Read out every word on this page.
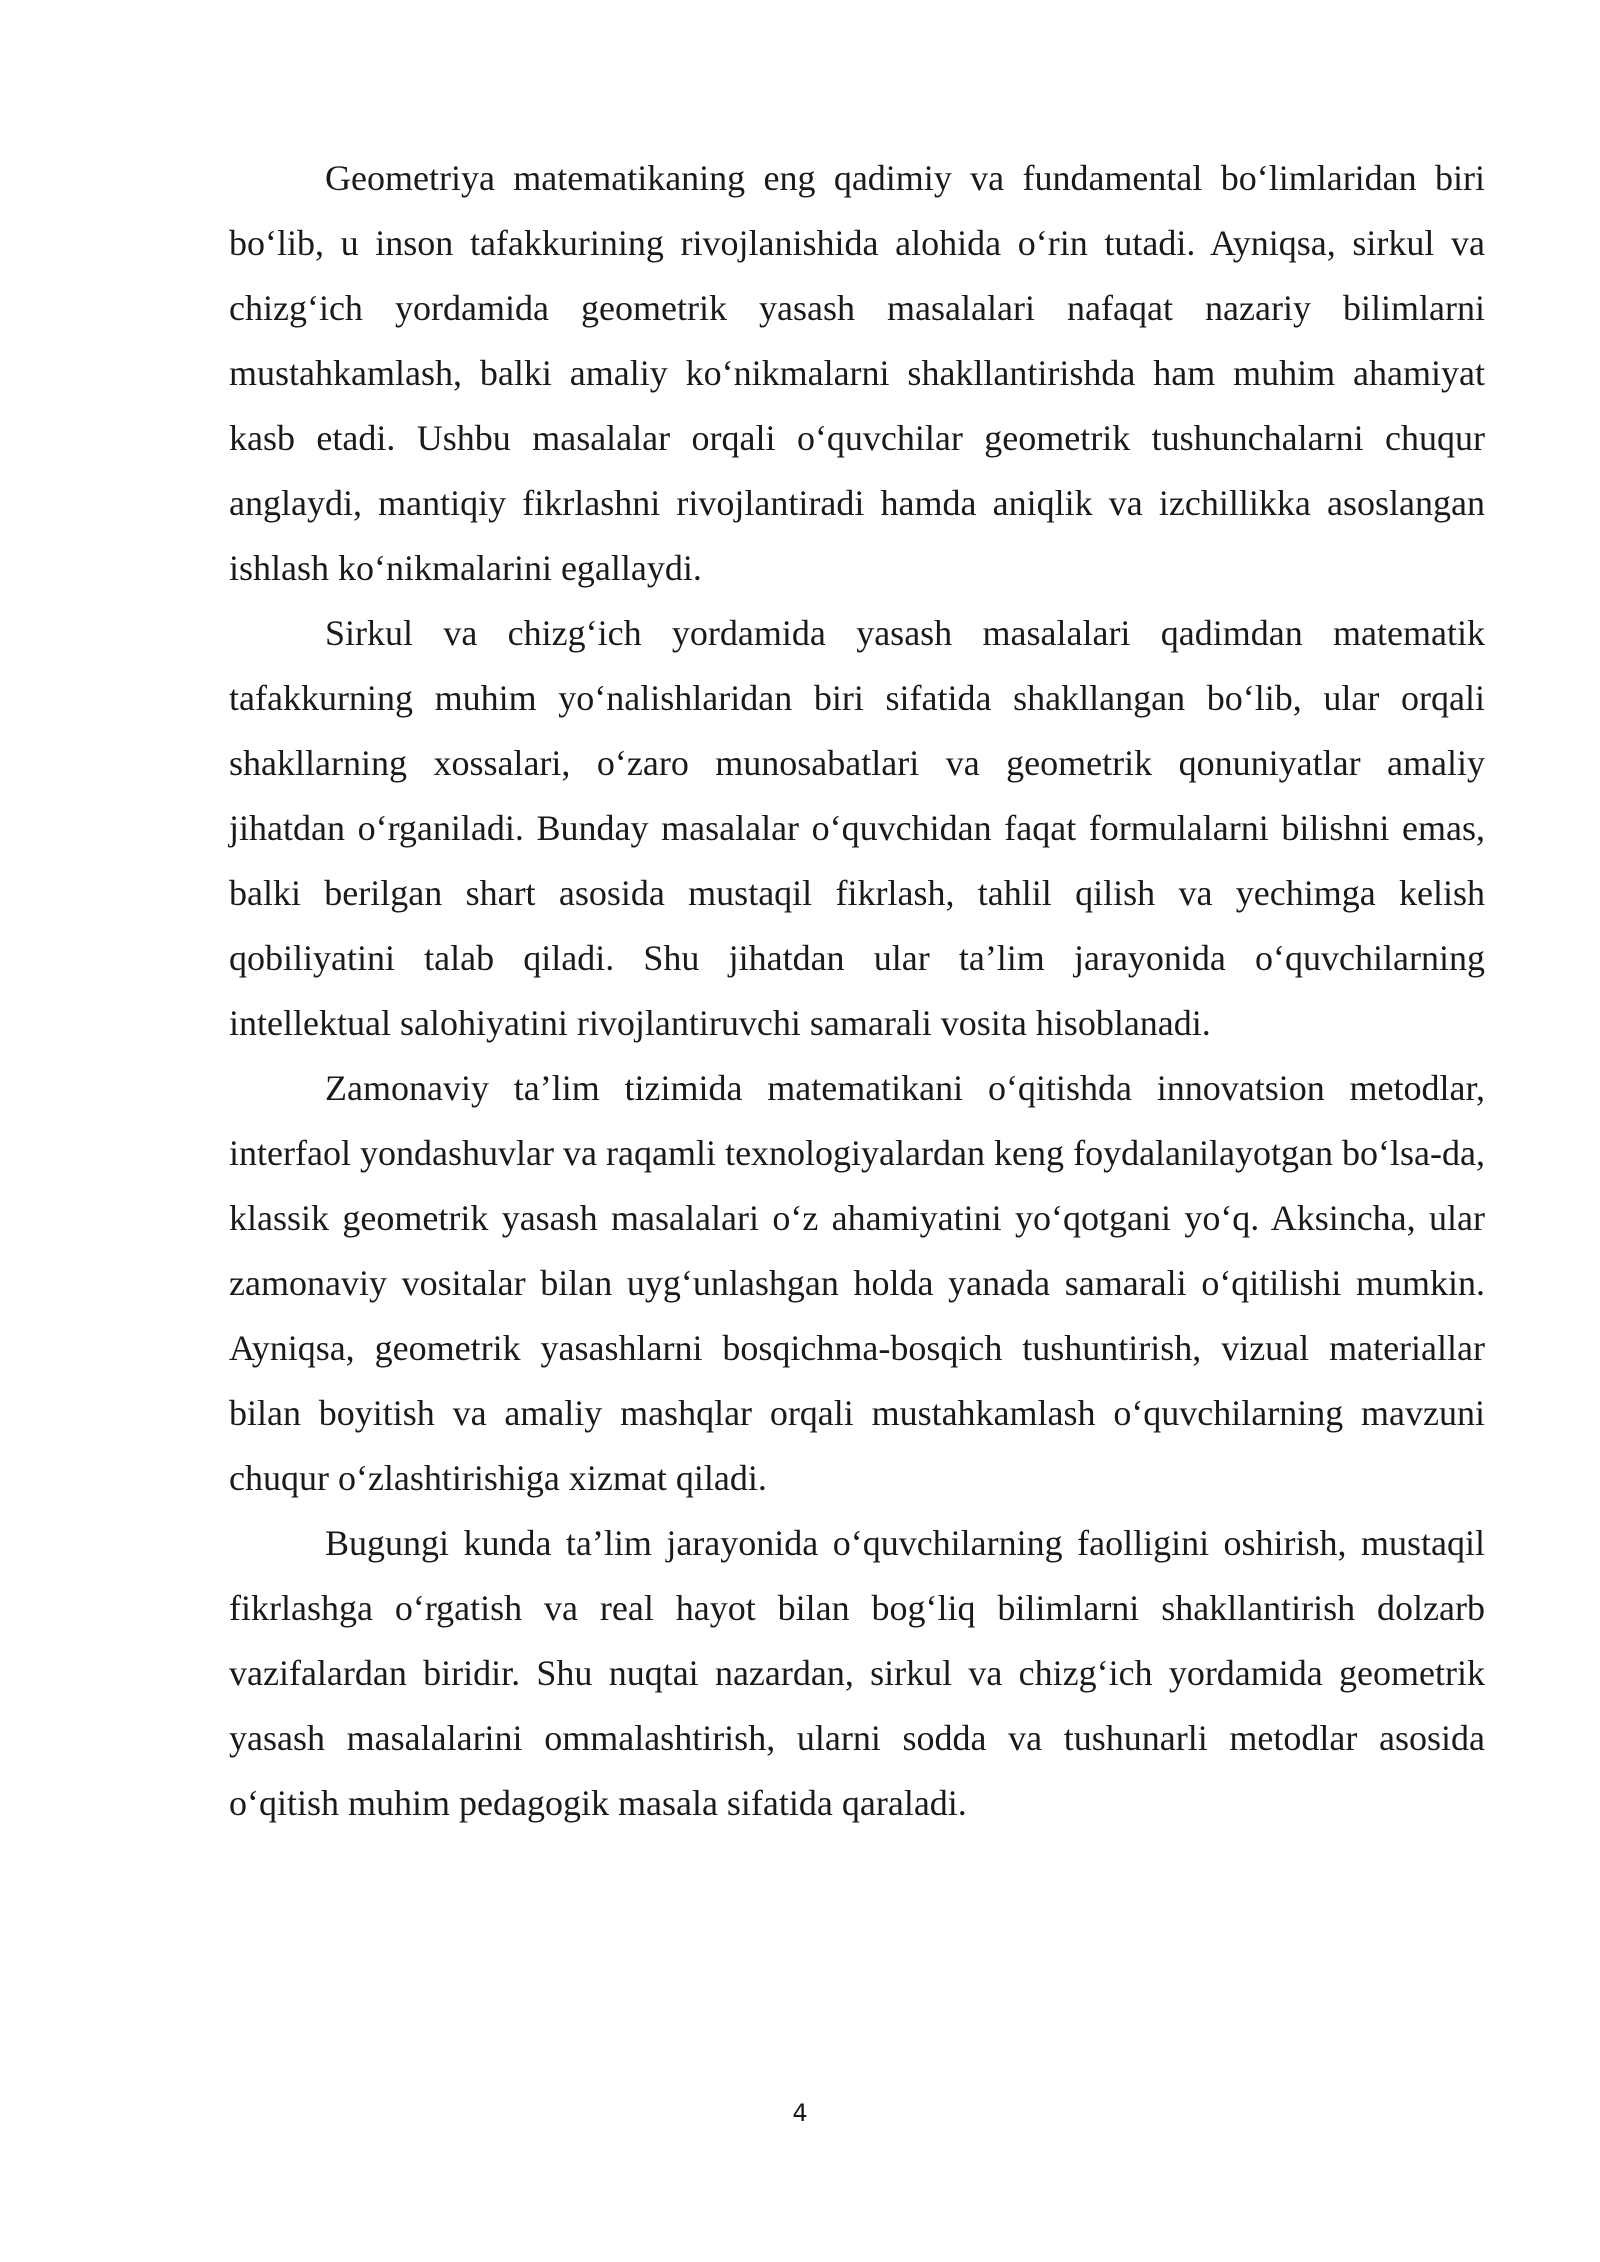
Geometriya matematikaning eng qadimiy va fundamental bo‘limlaridan biri bo‘lib, u inson tafakkurining rivojlanishida alohida o‘rin tutadi. Ayniqsa, sirkul va chizg‘ich yordamida geometrik yasash masalalari nafaqat nazariy bilimlarni mustahkamlash, balki amaliy ko‘nikmalarni shakllantirishda ham muhim ahamiyat kasb etadi. Ushbu masalalar orqali o‘quvchilar geometrik tushunchalarni chuqur anglaydi, mantiqiy fikrlashni rivojlantiradi hamda aniqlik va izchillikka asoslangan ishlash ko‘nikmalarini egallaydi.

Sirkul va chizg‘ich yordamida yasash masalalari qadimdan matematik tafakkurning muhim yo‘nalishlaridan biri sifatida shakllangan bo‘lib, ular orqali shakllarning xossalari, o‘zaro munosabatlari va geometrik qonuniyatlar amaliy jihatdan o‘rganiladi. Bunday masalalar o‘quvchidan faqat formulalarni bilishni emas, balki berilgan shart asosida mustaqil fikrlash, tahlil qilish va yechimga kelish qobiliyatini talab qiladi. Shu jihatdan ular ta’lim jarayonida o‘quvchilarning intellektual salohiyatini rivojlantiruvchi samarali vosita hisoblanadi.

Zamonaviy ta’lim tizimida matematikani o‘qitishda innovatsion metodlar, interfaol yondashuvlar va raqamli texnologiyalardan keng foydalanilayotgan bo‘lsa-da, klassik geometrik yasash masalalari o‘z ahamiyatini yo‘qotgani yo‘q. Aksincha, ular zamonaviy vositalar bilan uyg‘unlashgan holda yanada samarali o‘qitilishi mumkin. Ayniqsa, geometrik yasashlarni bosqichma-bosqich tushuntirish, vizual materiallar bilan boyitish va amaliy mashqlar orqali mustahkamlash o‘quvchilarning mavzuni chuqur o‘zlashtirishiga xizmat qiladi.

Bugungi kunda ta’lim jarayonida o‘quvchilarning faolligini oshirish, mustaqil fikrlashga o‘rgatish va real hayot bilan bog‘liq bilimlarni shakllantirish dolzarb vazifalardan biridir. Shu nuqtai nazardan, sirkul va chizg‘ich yordamida geometrik yasash masalalarini ommalashtirish, ularni sodda va tushunarli metodlar asosida o‘qitish muhim pedagogik masala sifatida qaraladi.

4
